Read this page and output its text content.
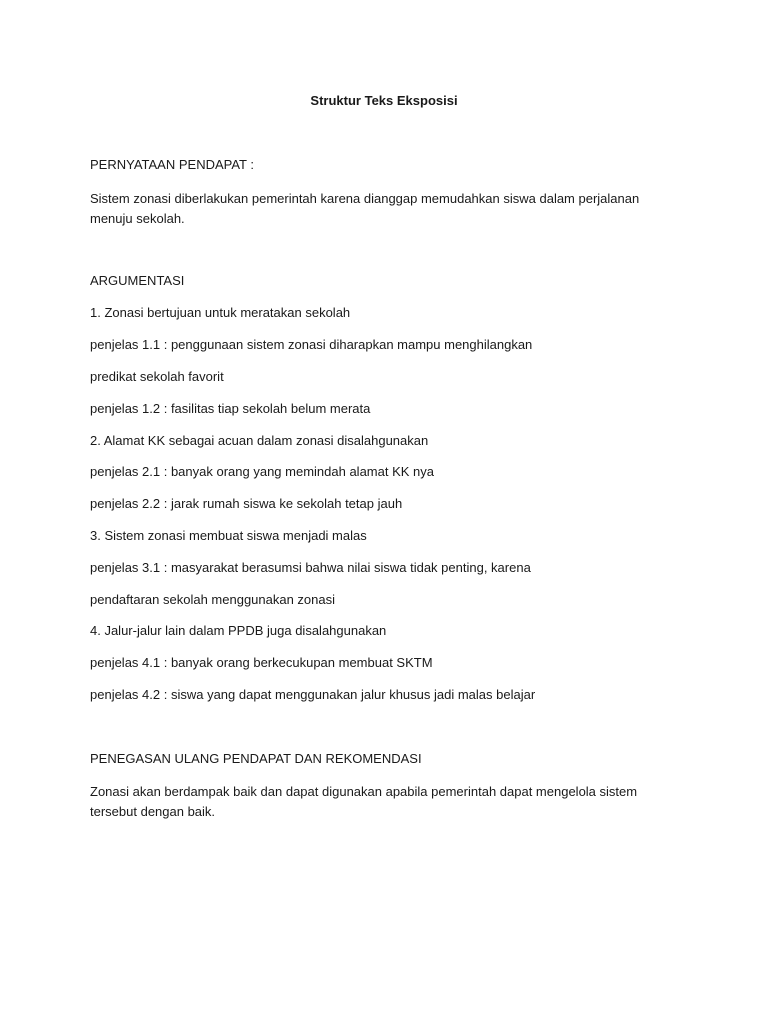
Struktur Teks Eksposisi

PERNYATAAN PENDAPAT :

Sistem zonasi diberlakukan pemerintah karena dianggap memudahkan siswa dalam perjalanan menuju sekolah.

ARGUMENTASI

1. Zonasi bertujuan untuk meratakan sekolah

penjelas 1.1 : penggunaan sistem zonasi diharapkan mampu menghilangkan

predikat sekolah favorit

penjelas 1.2 : fasilitas tiap sekolah belum merata

2. Alamat KK sebagai acuan dalam zonasi disalahgunakan

penjelas 2.1 : banyak orang yang memindah alamat KK nya

penjelas 2.2 : jarak rumah siswa ke sekolah tetap jauh

3. Sistem zonasi membuat siswa menjadi malas

penjelas 3.1 : masyarakat berasumsi bahwa nilai siswa tidak penting, karena

pendaftaran sekolah menggunakan zonasi

4. Jalur-jalur lain dalam PPDB juga disalahgunakan

penjelas 4.1 : banyak orang berkecukupan membuat SKTM

penjelas 4.2 : siswa yang dapat menggunakan jalur khusus jadi malas belajar

PENEGASAN ULANG PENDAPAT DAN REKOMENDASI

Zonasi akan berdampak baik dan dapat digunakan apabila pemerintah dapat mengelola sistem tersebut dengan baik.
